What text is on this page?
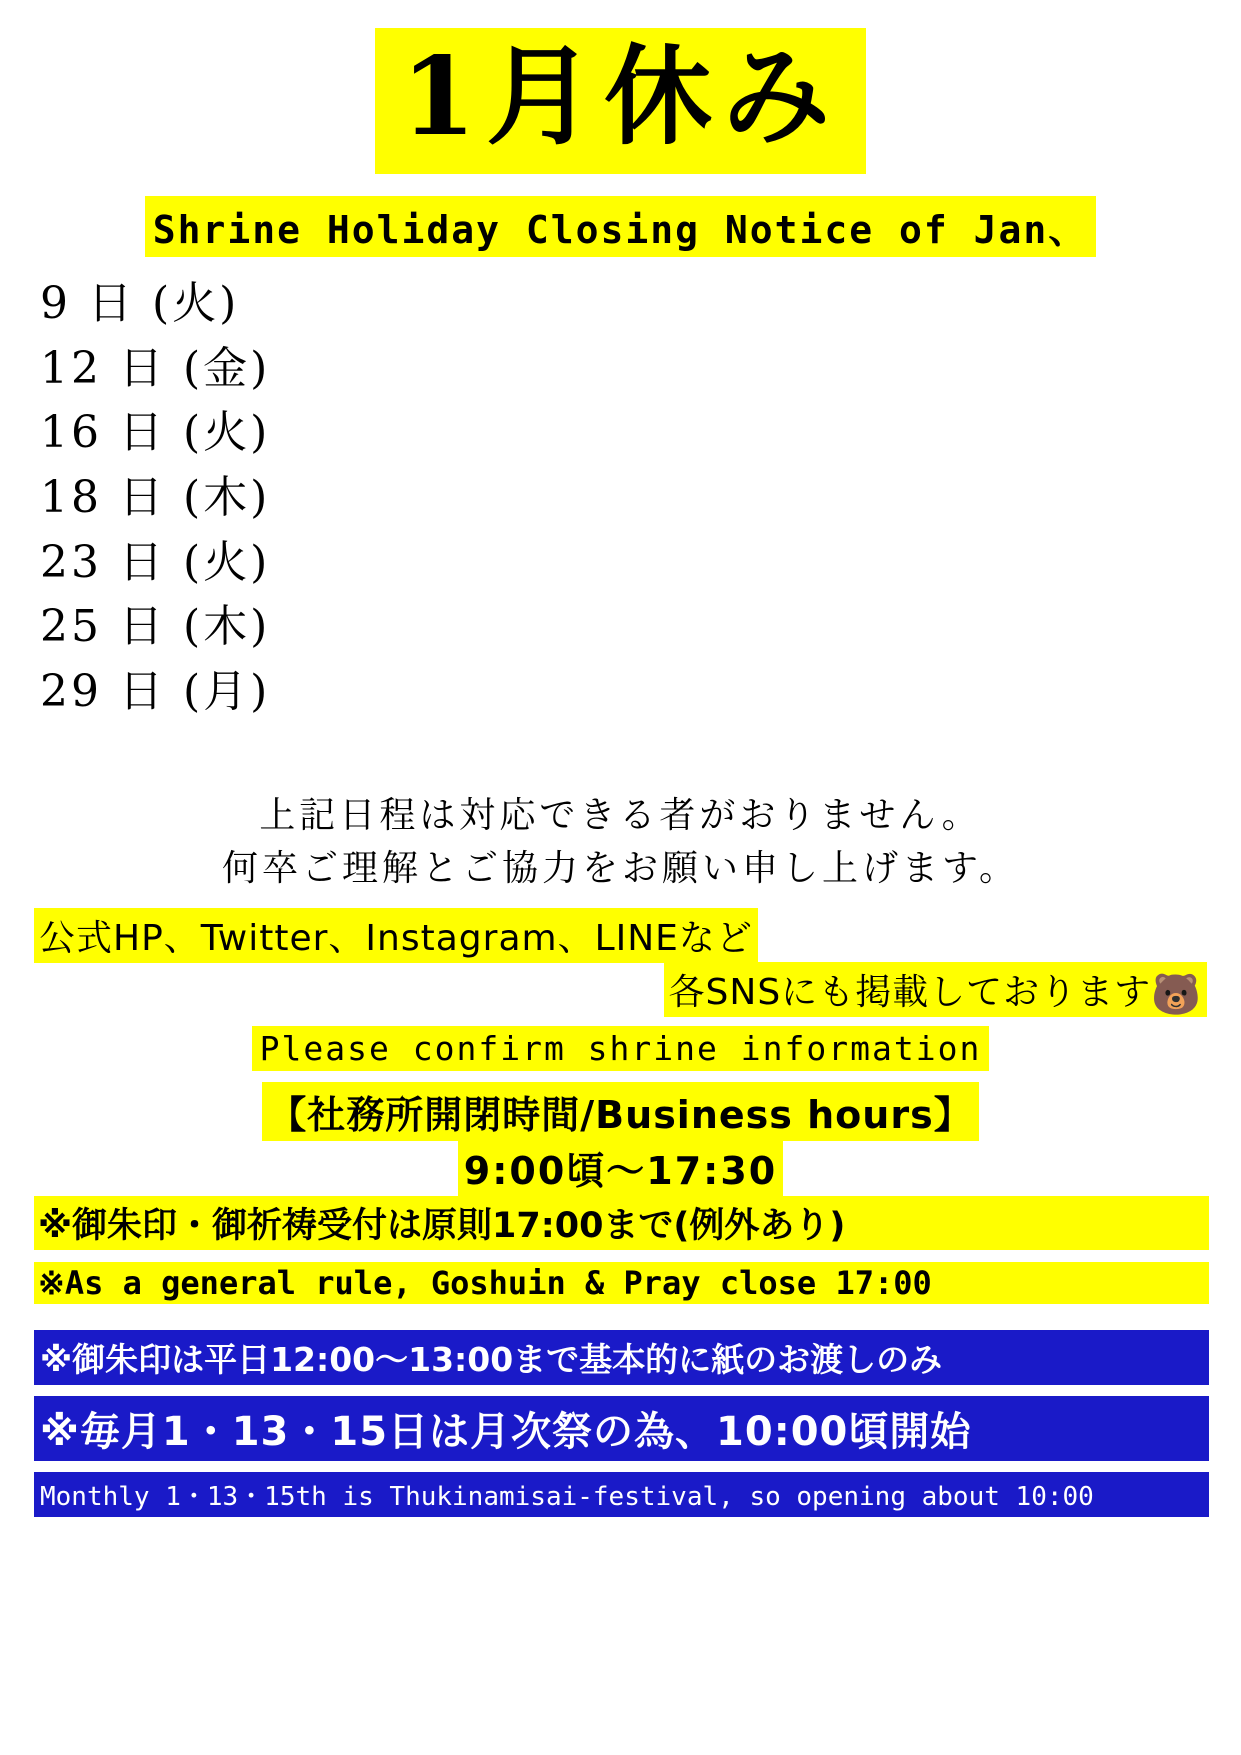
1月休み
Shrine Holiday Closing Notice of Jan、
9 日 (火)
12 日 (金)
16 日 (火)
18 日 (木)
23 日 (火)
25 日 (木)
29 日 (月)
上記日程は対応できる者がおりません。
何卒ご理解とご協力をお願い申し上げます。
公式HP、Twitter、Instagram、LINEなど
各SNSにも掲載しております🐻
Please confirm shrine information
【社務所開閉時間/Business hours】
9:00頃〜17:30
※御朱印・御祈祷受付は原則17:00まで(例外あり)
※As a general rule, Goshuin & Pray close 17:00
※御朱印は平日12:00〜13:00まで基本的に紙のお渡しのみ
※毎月1・13・15日は月次祭の為、10:00頃開始
Monthly 1・13・15th is Thukinamisai-festival, so opening about 10:00
